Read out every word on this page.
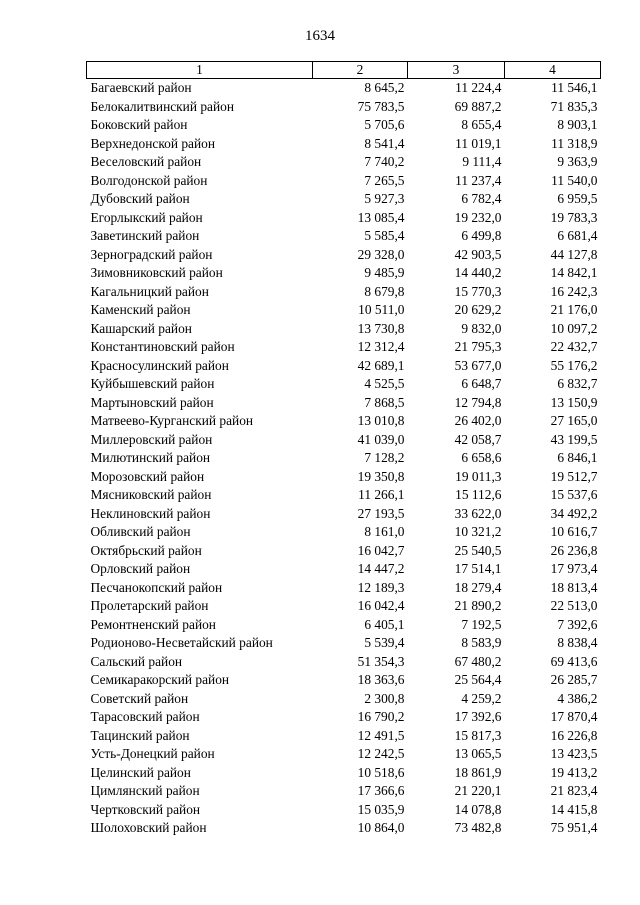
1634
1	2	3	4
Багаевский район	8 645,2	11 224,4	11 546,1
Белокалитвинский район	75 783,5	69 887,2	71 835,3
Боковский район	5 705,6	8 655,4	8 903,1
Верхнедонской район	8 541,4	11 019,1	11 318,9
Веселовский район	7 740,2	9 111,4	9 363,9
Волгодонской район	7 265,5	11 237,4	11 540,0
Дубовский район	5 927,3	6 782,4	6 959,5
Егорлыкский район	13 085,4	19 232,0	19 783,3
Заветинский район	5 585,4	6 499,8	6 681,4
Зерноградский район	29 328,0	42 903,5	44 127,8
Зимовниковский район	9 485,9	14 440,2	14 842,1
Кагальницкий район	8 679,8	15 770,3	16 242,3
Каменский район	10 511,0	20 629,2	21 176,0
Кашарский район	13 730,8	9 832,0	10 097,2
Константиновский район	12 312,4	21 795,3	22 432,7
Красносулинский район	42 689,1	53 677,0	55 176,2
Куйбышевский район	4 525,5	6 648,7	6 832,7
Мартыновский район	7 868,5	12 794,8	13 150,9
Матвеево-Курганский район	13 010,8	26 402,0	27 165,0
Миллеровский район	41 039,0	42 058,7	43 199,5
Милютинский район	7 128,2	6 658,6	6 846,1
Морозовский район	19 350,8	19 011,3	19 512,7
Мясниковский район	11 266,1	15 112,6	15 537,6
Неклиновский район	27 193,5	33 622,0	34 492,2
Обливский район	8 161,0	10 321,2	10 616,7
Октябрьский район	16 042,7	25 540,5	26 236,8
Орловский район	14 447,2	17 514,1	17 973,4
Песчанокопский район	12 189,3	18 279,4	18 813,4
Пролетарский район	16 042,4	21 890,2	22 513,0
Ремонтненский район	6 405,1	7 192,5	7 392,6
Родионово-Несветайский район	5 539,4	8 583,9	8 838,4
Сальский район	51 354,3	67 480,2	69 413,6
Семикаракорский район	18 363,6	25 564,4	26 285,7
Советский район	2 300,8	4 259,2	4 386,2
Тарасовский район	16 790,2	17 392,6	17 870,4
Тацинский район	12 491,5	15 817,3	16 226,8
Усть-Донецкий район	12 242,5	13 065,5	13 423,5
Целинский район	10 518,6	18 861,9	19 413,2
Цимлянский район	17 366,6	21 220,1	21 823,4
Чертковский район	15 035,9	14 078,8	14 415,8
Шолоховский район	10 864,0	73 482,8	75 951,4
